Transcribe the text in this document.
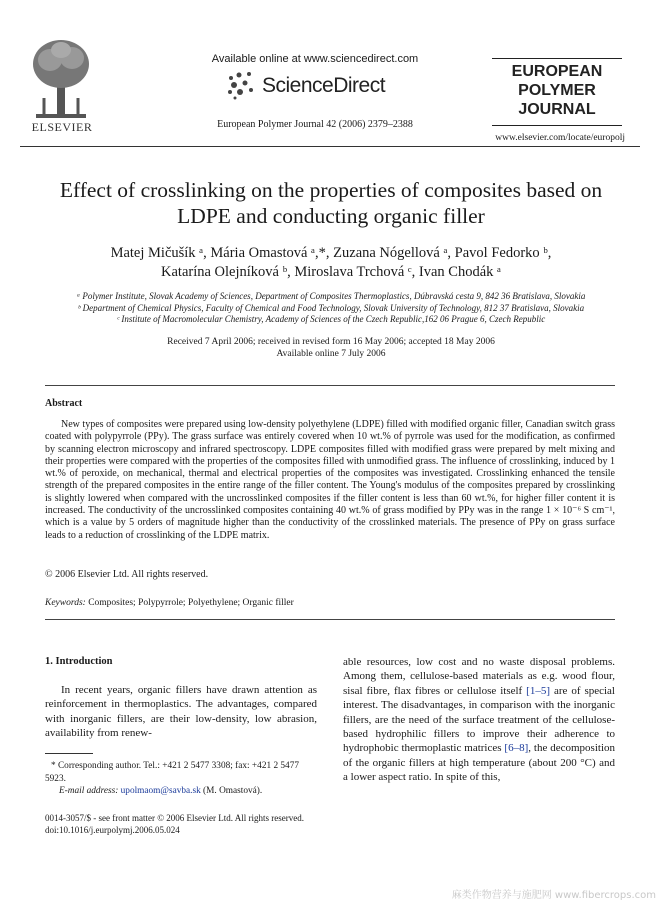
ELSEVIER
Available online at www.sciencedirect.com
ScienceDirect
European Polymer Journal 42 (2006) 2379–2388
EUROPEAN
POLYMER
JOURNAL
www.elsevier.com/locate/europolj
Effect of crosslinking on the properties of composites based on
LDPE and conducting organic filler
Matej Mičušík ᵃ, Mária Omastová ᵃ,*, Zuzana Nógellová ᵃ, Pavol Fedorko ᵇ,
Katarína Olejníková ᵇ, Miroslava Trchová ᶜ, Ivan Chodák ᵃ
ᵃ Polymer Institute, Slovak Academy of Sciences, Department of Composites Thermoplastics, Dúbravská cesta 9, 842 36 Bratislava, Slovakia
ᵇ Department of Chemical Physics, Faculty of Chemical and Food Technology, Slovak University of Technology, 812 37 Bratislava, Slovakia
ᶜ Institute of Macromolecular Chemistry, Academy of Sciences of the Czech Republic,162 06 Prague 6, Czech Republic
Received 7 April 2006; received in revised form 16 May 2006; accepted 18 May 2006
Available online 7 July 2006
Abstract
New types of composites were prepared using low-density polyethylene (LDPE) filled with modified organic filler, Canadian switch grass coated with polypyrrole (PPy). The grass surface was entirely covered when 10 wt.% of pyrrole was used for the modification, as confirmed by scanning electron microscopy and infrared spectroscopy. LDPE composites filled with modified grass were prepared by melt mixing and their properties were compared with the properties of the composites filled with unmodified grass. The influence of crosslinking, induced by 1 wt.% of peroxide, on mechanical, thermal and electrical properties of the composites was investigated. Crosslinking enhanced the tensile strength of the prepared composites in the entire range of the filler content. The Young's modulus of the composites prepared by crosslinking is slightly lowered when compared with the uncrosslinked composites if the filler content is less than 60 wt.%, for higher filler content it is increased. The conductivity of the uncrosslinked composites containing 40 wt.% of grass modified by PPy was in the range 1 × 10⁻⁶ S cm⁻¹, which is a value by 5 orders of magnitude higher than the conductivity of the crosslinked materials. The presence of PPy on grass surface leads to a reduction of crosslinking of the LDPE matrix.
© 2006 Elsevier Ltd. All rights reserved.
Keywords: Composites; Polypyrrole; Polyethylene; Organic filler
1. Introduction
In recent years, organic fillers have drawn attention as reinforcement in thermoplastics. The advantages, compared with inorganic fillers, are their low-density, low abrasion, availability from renew-
* Corresponding author. Tel.: +421 2 5477 3308; fax: +421 2 5477 5923.
E-mail address: upolmaom@savba.sk (M. Omastová).
able resources, low cost and no waste disposal problems. Among them, cellulose-based materials as e.g. wood flour, sisal fibre, flax fibres or cellulose itself [1–5] are of special interest. The disadvantages, in comparison with the inorganic fillers, are the need of the surface treatment of the cellulose-based hydrophilic fillers to improve their adherence to hydrophobic thermoplastic matrices [6–8], the decomposition of the organic fillers at high temperature (about 200 °C) and a lower aspect ratio. In spite of this,
0014-3057/$ - see front matter © 2006 Elsevier Ltd. All rights reserved.
doi:10.1016/j.eurpolymj.2006.05.024
麻类作物营养与施肥网 www.fibercrops.com
